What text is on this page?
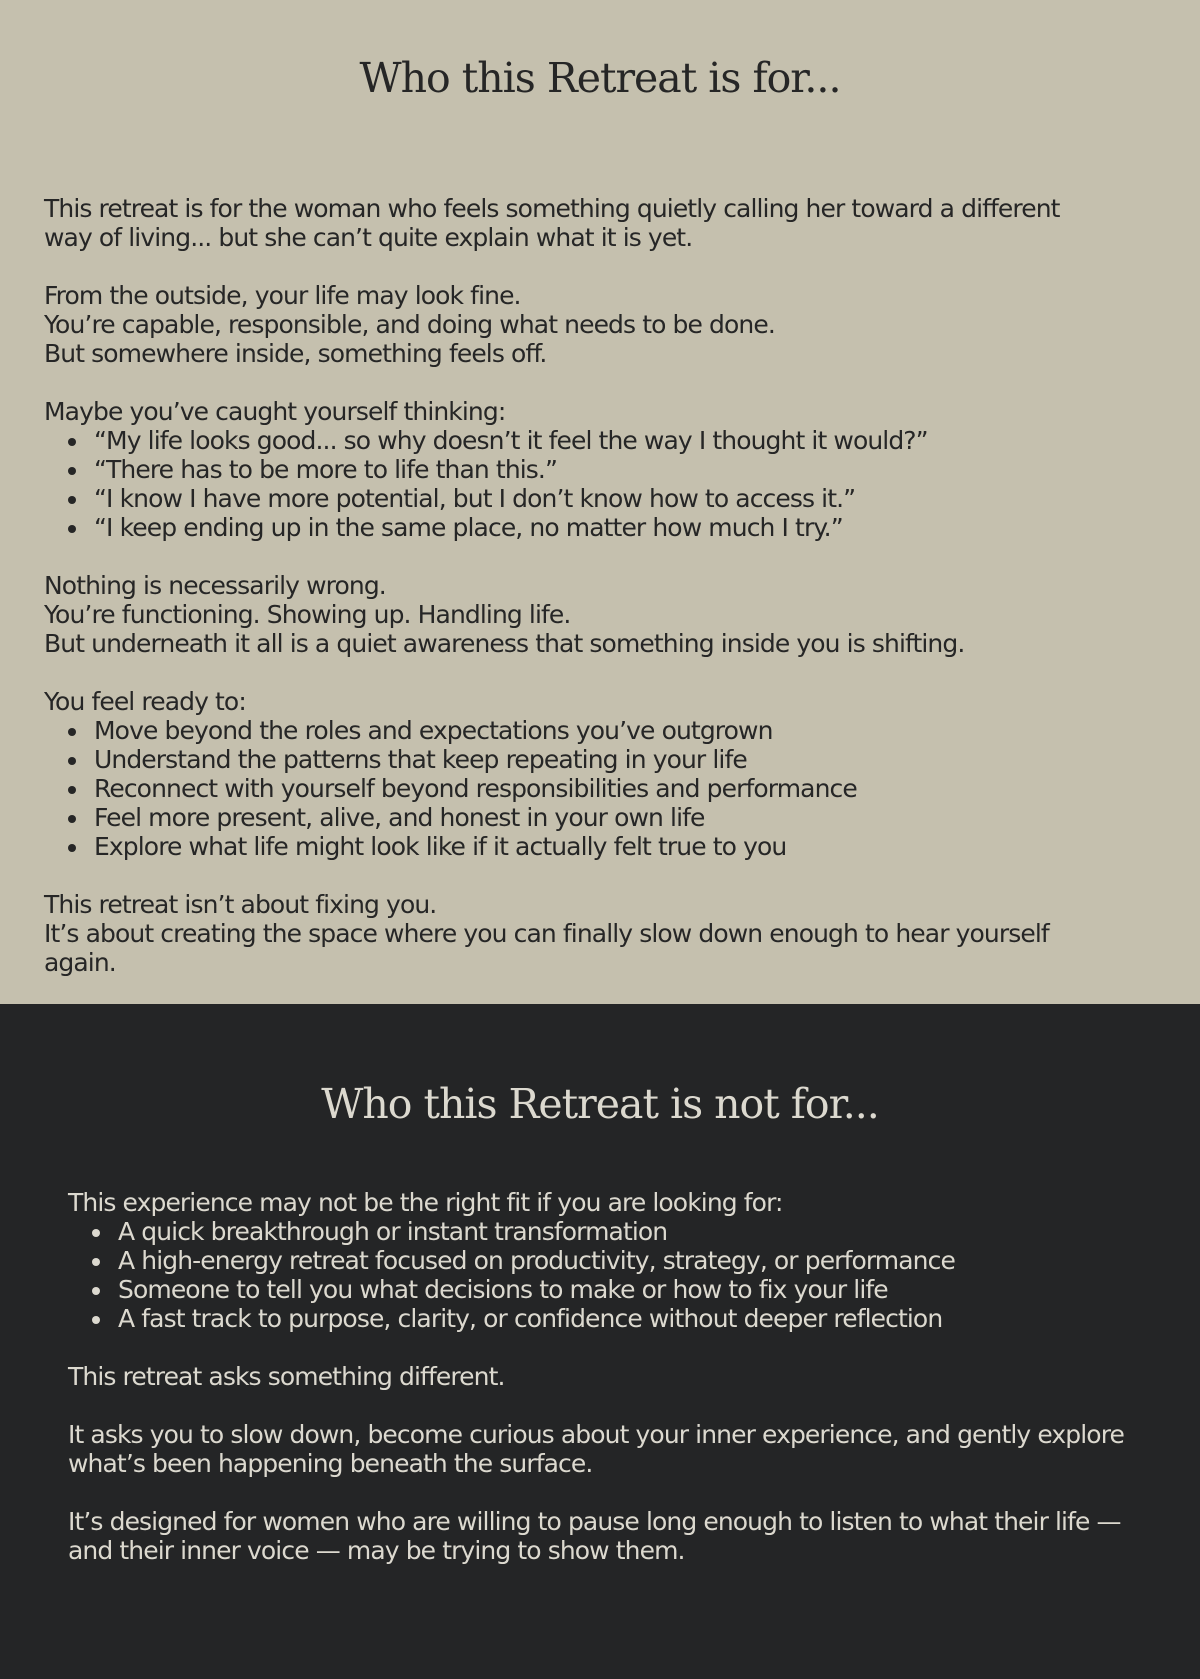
Who this Retreat is for...

This retreat is for the woman who feels something quietly calling her toward a different way of living... but she can’t quite explain what it is yet.

From the outside, your life may look fine.
You’re capable, responsible, and doing what needs to be done.
But somewhere inside, something feels off.

Maybe you’ve caught yourself thinking:
“My life looks good... so why doesn’t it feel the way I thought it would?”
“There has to be more to life than this.”
“I know I have more potential, but I don’t know how to access it.”
“I keep ending up in the same place, no matter how much I try.”

Nothing is necessarily wrong.
You’re functioning. Showing up. Handling life.
But underneath it all is a quiet awareness that something inside you is shifting.

You feel ready to:
Move beyond the roles and expectations you’ve outgrown
Understand the patterns that keep repeating in your life
Reconnect with yourself beyond responsibilities and performance
Feel more present, alive, and honest in your own life
Explore what life might look like if it actually felt true to you

This retreat isn’t about fixing you.
It’s about creating the space where you can finally slow down enough to hear yourself again.

Who this Retreat is not for...
This experience may not be the right fit if you are looking for:
A quick breakthrough or instant transformation
A high-energy retreat focused on productivity, strategy, or performance
Someone to tell you what decisions to make or how to fix your life
A fast track to purpose, clarity, or confidence without deeper reflection

This retreat asks something different.

It asks you to slow down, become curious about your inner experience, and gently explore what’s been happening beneath the surface.

It’s designed for women who are willing to pause long enough to listen to what their life — and their inner voice — may be trying to show them.
